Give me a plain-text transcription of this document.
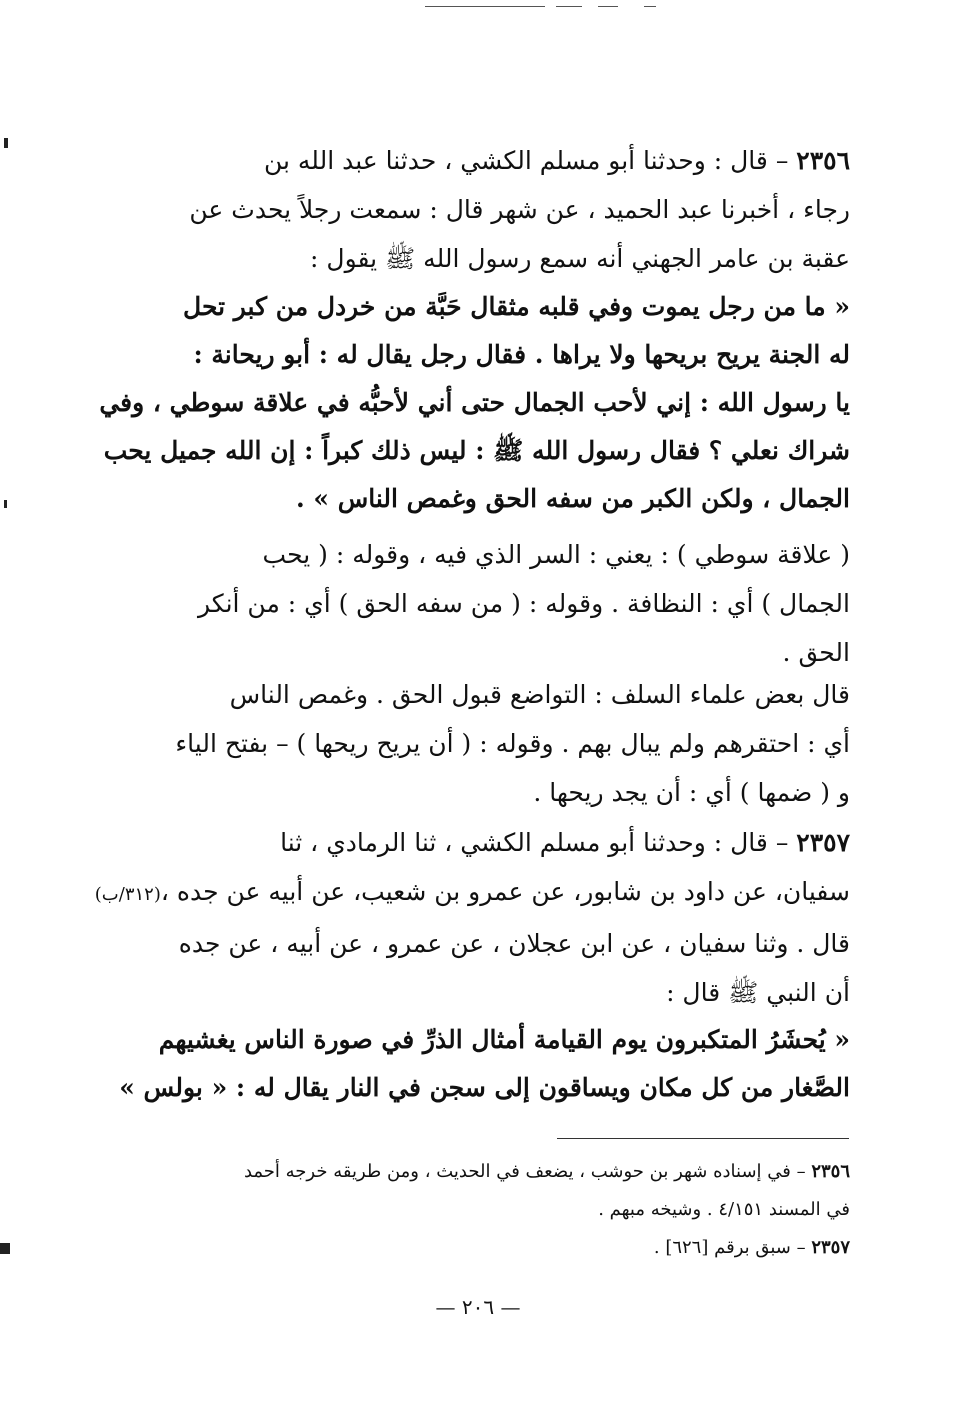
٢٣٥٦ – قال : وحدثنا أبو مسلم الكشي ، حدثنا عبد الله بن
رجاء ، أخبرنا عبد الحميد ، عن شهر قال : سمعت رجلاً يحدث عن
عقبة بن عامر الجهني أنه سمع رسول الله ﷺ يقول :
« ما من رجل يموت وفي قلبه مثقال حَبَّة من خردل من كبر تحل
له الجنة يريح بريحها ولا يراها . فقال رجل يقال له : أبو ريحانة :
يا رسول الله : إني لأحب الجمال حتى أني لأحبُّه في علاقة سوطي ، وفي
شراك نعلي ؟ فقال رسول الله ﷺ : ليس ذلك كبراً : إن الله جميل يحب
الجمال ، ولكن الكبر من سفه الحق وغمص الناس » .
( علاقة سوطي ) : يعني : السر الذي فيه ، وقوله : ( يحب
الجمال ) أي : النظافة . وقوله : ( من سفه الحق ) أي : من أنكر
الحق .
قال بعض علماء السلف : التواضع قبول الحق . وغمص الناس
أي : احتقرهم ولم يبال بهم . وقوله : ( أن يريح ريحها ) – بفتح الياء
و ( ضمها ) أي : أن يجد ريحها .
٢٣٥٧ – قال : وحدثنا أبو مسلم الكشي ، ثنا الرمادي ، ثنا
سفيان، عن داود بن شابور، عن عمرو بن شعيب، عن أبيه عن جده ،(٣١٢/ب)
قال . وثنا سفيان ، عن ابن عجلان ، عن عمرو ، عن أبيه ، عن جده
أن النبي ﷺ قال :
« يُحشَرُ المتكبرون يوم القيامة أمثال الذرِّ في صورة الناس يغشيهم
الصَّغار من كل مكان ويساقون إلى سجن في النار يقال له : « بولس »
٢٣٥٦ – في إسناده شهر بن حوشب ، يضعف في الحديث ، ومن طريقه خرجه أحمد
في المسند ٤/١٥١ . وشيخه مبهم .
٢٣٥٧ – سبق برقم [٦٢٦] .
— ٢٠٦ —
